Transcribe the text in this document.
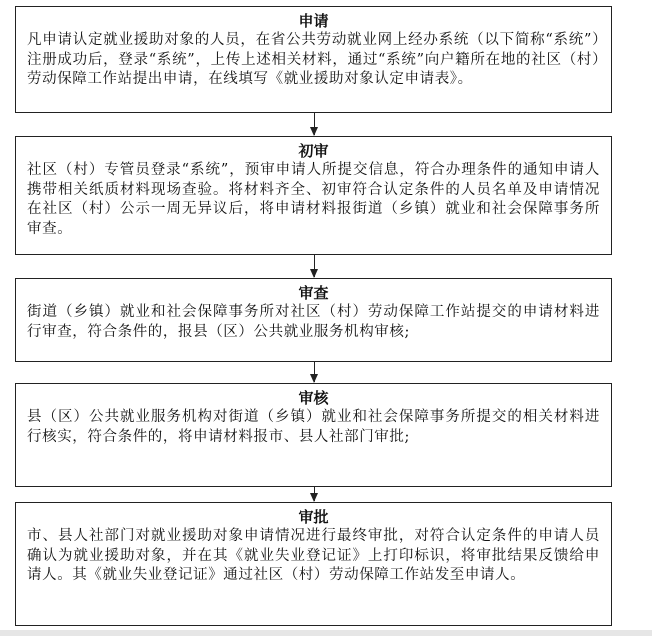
申请
凡申请认定就业援助对象的人员，在省公共劳动就业网上经办系统（以下简称“系统”）注册成功后，登录“系统”，上传上述相关材料，通过“系统”向户籍所在地的社区（村）劳动保障工作站提出申请，在线填写《就业援助对象认定申请表》。
初审
社区（村）专管员登录“系统”，预审申请人所提交信息，符合办理条件的通知申请人携带相关纸质材料现场查验。将材料齐全、初审符合认定条件的人员名单及申请情况在社区（村）公示一周无异议后，将申请材料报街道（乡镇）就业和社会保障事务所审查。
审查
街道（乡镇）就业和社会保障事务所对社区（村）劳动保障工作站提交的申请材料进行审查，符合条件的，报县（区）公共就业服务机构审核;
审核
县（区）公共就业服务机构对街道（乡镇）就业和社会保障事务所提交的相关材料进行核实，符合条件的，将申请材料报市、县人社部门审批;
审批
市、县人社部门对就业援助对象申请情况进行最终审批，对符合认定条件的申请人员确认为就业援助对象，并在其《就业失业登记证》上打印标识，将审批结果反馈给申请人。其《就业失业登记证》通过社区（村）劳动保障工作站发至申请人。
